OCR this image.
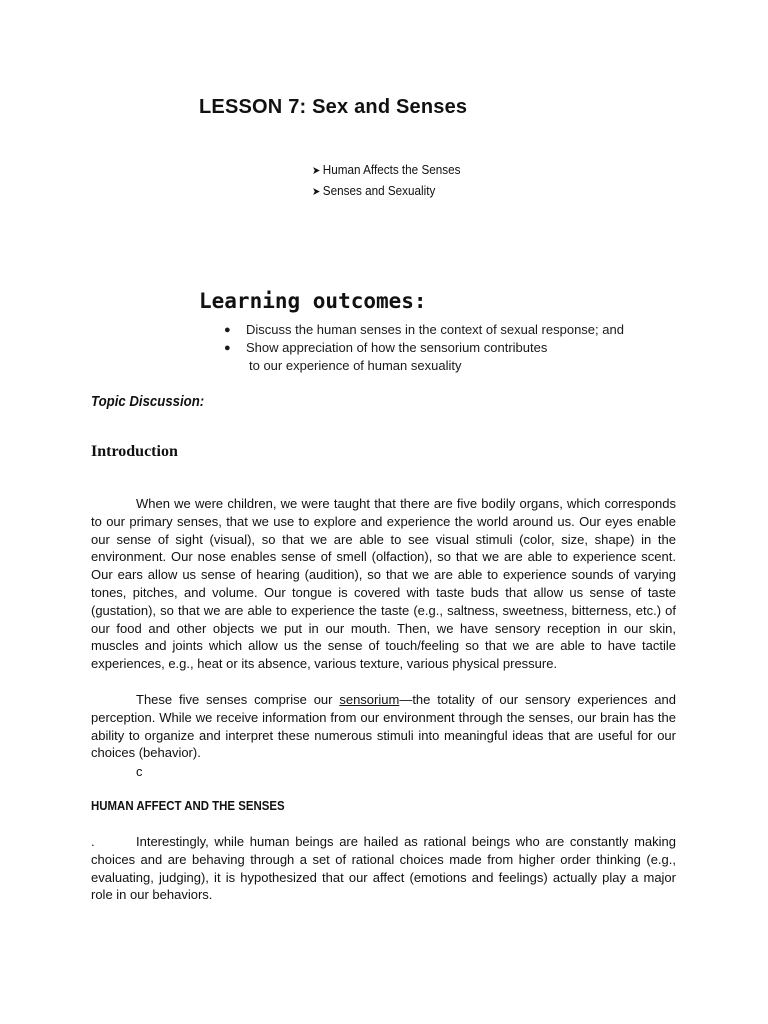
LESSON 7: Sex and Senses
➤ Human Affects the Senses
➤ Senses and Sexuality
Learning outcomes:
● Discuss the human senses in the context of sexual response; and
● Show appreciation of how the sensorium contributes
to our experience of human sexuality
Topic Discussion:
Introduction

When we were children, we were taught that there are five bodily organs, which corresponds to our primary senses, that we use to explore and experience the world around us. Our eyes enable our sense of sight (visual), so that we are able to see visual stimuli (color, size, shape) in the environment. Our nose enables sense of smell (olfaction), so that we are able to experience scent. Our ears allow us sense of hearing (audition), so that we are able to experience sounds of varying tones, pitches, and volume. Our tongue is covered with taste buds that allow us sense of taste (gustation), so that we are able to experience the taste (e.g., saltness, sweetness, bitterness, etc.) of our food and other objects we put in our mouth. Then, we have sensory reception in our skin, muscles and joints which allow us the sense of touch/feeling so that we are able to have tactile experiences, e.g., heat or its absence, various texture, various physical pressure.

These five senses comprise our sensorium—the totality of our sensory experiences and perception. While we receive information from our environment through the senses, our brain has the ability to organize and interpret these numerous stimuli into meaningful ideas that are useful for our choices (behavior).

c
HUMAN AFFECT AND THE SENSES

.	Interestingly, while human beings are hailed as rational beings who are constantly making choices and are behaving through a set of rational choices made from higher order thinking (e.g., evaluating, judging), it is hypothesized that our affect (emotions and feelings) actually play a major role in our behaviors.
